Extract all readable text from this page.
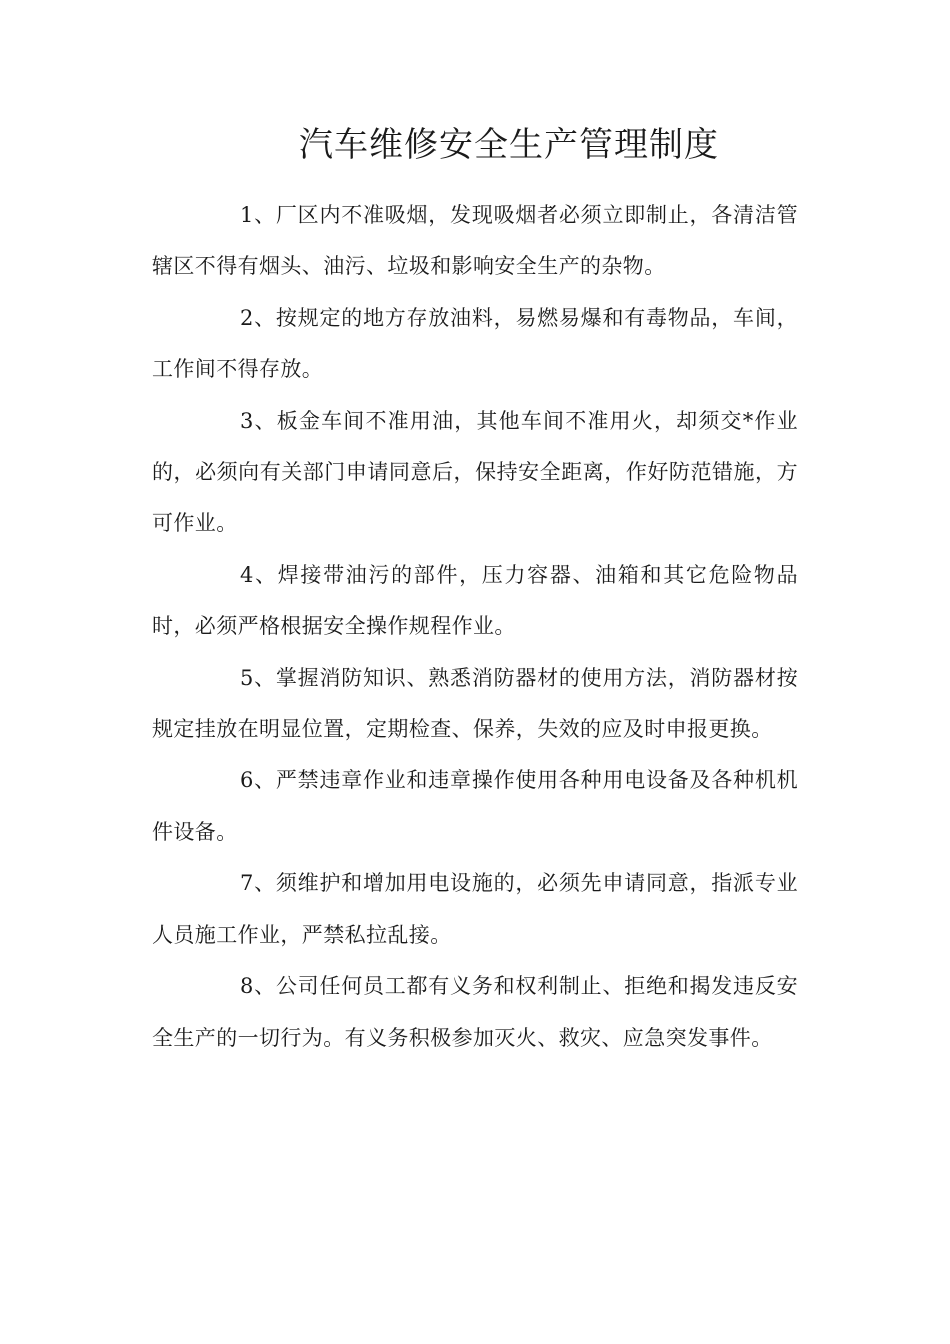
汽车维修安全生产管理制度

1、厂区内不准吸烟，发现吸烟者必须立即制止，各清洁管辖区不得有烟头、油污、垃圾和影响安全生产的杂物。

2、按规定的地方存放油料，易燃易爆和有毒物品，车间，工作间不得存放。

3、板金车间不准用油，其他车间不准用火，却须交*作业的，必须向有关部门申请同意后，保持安全距离，作好防范错施，方可作业。

4、焊接带油污的部件，压力容器、油箱和其它危险物品时，必须严格根据安全操作规程作业。

5、掌握消防知识、熟悉消防器材的使用方法，消防器材按规定挂放在明显位置，定期检查、保养，失效的应及时申报更换。

6、严禁违章作业和违章操作使用各种用电设备及各种机机件设备。

7、须维护和增加用电设施的，必须先申请同意，指派专业人员施工作业，严禁私拉乱接。

8、公司任何员工都有义务和权利制止、拒绝和揭发违反安全生产的一切行为。有义务积极参加灭火、救灾、应急突发事件。
